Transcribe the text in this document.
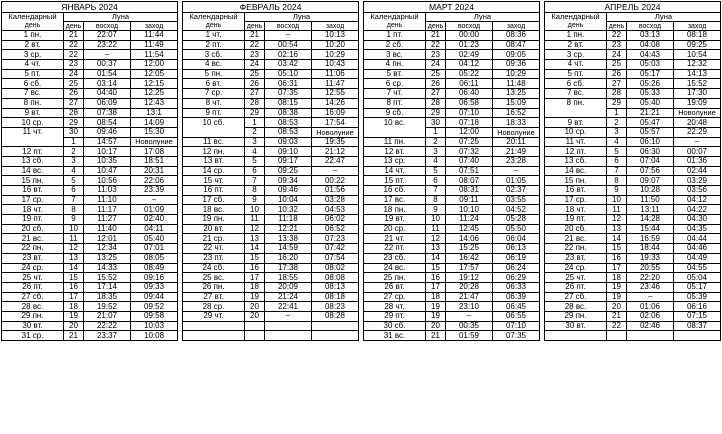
ЯНВАРЬ 2024			
Календарный	Луна		
день	день	восход	заход
1 пн.	21	22:07	11:44
2 вт.	22	23:22	11:49
3 ср.	22	–	11:54
4 чт.	23	00:37	12:00
5 пт.	24	01:54	12:05
6 сб.	25	03:14	12:15
7 вс.	26	04:40	12:25
8 пн.	27	06:09	12:43
9 вт.	28	07:38	13:1
10 ср.	29	08:54	14:09
11 чт.	30	09:46	15:30
	1	14:57	Новолуние
12 пт.	2	10:17	17:08
13 сб.	3	10:35	18:51
14 вс.	4	10:47	20:31
15 пн.	5	10:56	22:06
16 вт.	6	11:03	23:39
17 ср.	7	11:10	–
18 чт.	8	11:17	01:09
19 пт.	9	11:27	02:40
20 сб.	10	11:40	04:11
21 вс.	11	12:01	05:40
22 пн.	12	12:34	07:01
23 вт.	13	13:25	08:05
24 ср.	14	14:33	08:49
25 чт.	15	15:52	09:16
26 пт.	16	17:14	09:33
27 сб.	17	18:35	09:44
28 вс.	18	19:52	09:52
29 пн.	19	21:07	09:58
30 вт.	20	22:22	10:03
31 ср.	21	23:37	10:08
ФЕВРАЛЬ 2024			
Календарный	Луна		
день	день	восход	заход
1 чт.	21	–	10:13
2 пт.	22	00:54	10:20
3 сб.	23	02:16	10:29
4 вс.	24	03:42	10:43
5 пн.	25	05:10	11:06
6 вт.	26	06:31	11:47
7 ср.	27	07:35	12:55
8 чт.	28	08:15	14:26
9 пт.	29	08:38	16:09
10 сб.	1	08:53	17:54
	2	08:53	Новолуние
11 вс.	3	09:03	19:35
12 пн.	4	09:10	21:12
13 вт.	5	09:17	22:47
14 ср.	6	09:25	–
15 чт.	7	09:34	00:22
16 пт.	8	09:46	01:56
17 сб.	9	10:04	03:28
18 вс.	10	10:32	04:53
19 пн.	11	11:18	06:02
20 вт.	12	12:21	06:52
21 ср.	13	13:38	07:23
22 чт.	14	14:59	07:42
23 пт.	15	16:20	07:54
24 сб.	16	17:38	08:02
25 вс.	17	18:55	08:08
26 пн.	18	20:09	08:13
27 вт.	19	21:24	08:18
28 ср.	20	22:41	08:23
29 чт.	20	–	08:28

МАРТ 2024			
Календарный	Луна		
день	день	восход	заход
1 пт.	21	00:00	08:36
2 сб.	22	01:23	08:47
3 вс.	23	02:49	09:05
4 пн.	24	04:12	09:36
5 вт.	25	05:22	10:29
6 ср.	26	06:11	11:48
7 чт.	27	06:40	13:25
8 пт.	28	06:58	15:09
9 сб.	29	07:10	16:52
10 вс.	30	07:18	18:33
	1	12:00	Новолуние
11 пн.	2	07:25	20:11
12 вт.	3	07:32	21:49
13 ср.	4	07:40	23:28
14 чт.	5	07:51	–
15 пт.	6	08:07	01:05
16 сб.	7	08:31	02:37
17 вс.	8	09:11	03:55
18 пн.	9	10:10	04:52
19 вт.	10	11:24	05:28
20 ср.	11	12:45	05:50
21 чт.	12	14:06	06:04
22 пт.	13	15:25	06:13
23 сб.	14	16:42	06:19
24 вс.	15	17:57	06:24
25 пн.	16	19:12	06:29
26 вт.	17	20:28	06:33
27 ср.	18	21:47	06:39
28 чт.	19	23:10	06:45
29 пт.	19	–	06:55
30 сб.	20	00:35	07:10
31 вс.	21	01:59	07:35
АПРЕЛЬ 2024			
Календарный	Луна		
день	день	восход	заход
1 пн.	22	03:13	08:18
2 вт.	23	04:08	09:25
3 ср.	24	04:43	10:54
4 чт.	25	05:03	12:32
5 пт.	26	05:17	14:13
6 сб.	27	05:26	15:52
7 вс.	28	05:33	17:30
8 пн.	29	05:40	19:09
	1	21:21	Новолуние
9 вт.	2	05:47	20:48
10 ср.	3	05:57	22:29
11 чт.	4	06:10	–
12 пт.	5	06:30	00:07
13 сб.	6	07:04	01:36
14 вс.	7	07:56	02:44
15 пн.	8	09:07	03:29
16 вт.	9	10:28	03:56
17 ср.	10	11:50	04:12
18 чт.	11	13:11	04:22
19 пт.	12	14:28	04:30
20 сб.	13	15:44	04:35
21 вс.	14	16:59	04:44
22 пн.	15	18:44	04:46
23 вт.	16	19:33	04:49
24 ср.	17	20:55	04:55
25 чт.	18	22:20	05:04
26 пт.	19	23:46	05:17
27 сб.	19	–	05:39
28 вс.	20	01:06	06:16
29 пн.	21	02:06	07:15
30 вт.	22	02:46	08:37
